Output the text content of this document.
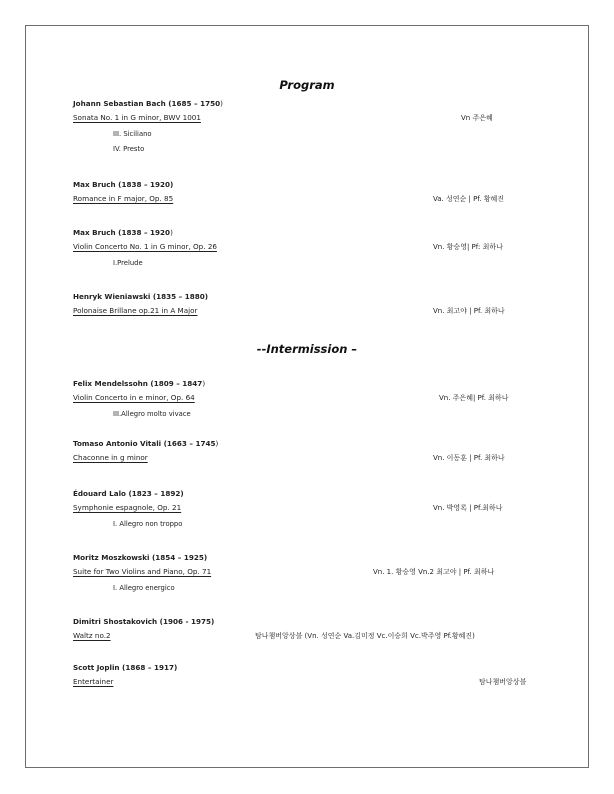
Program
--Intermission –
Johann Sebastian Bach (1685 – 1750)
Sonata No. 1 in G minor, BWV 1001	Vn 주은혜
III. Siciliano
IV. Presto
Max Bruch (1838 – 1920)
Romance in F major, Op. 85	Va. 성연순 | Pf. 황혜진
Max Bruch (1838 – 1920)
Violin Concerto No. 1 in G minor, Op. 26	Vn. 황승영| Pf: 최하나
I.Prelude
Henryk Wieniawski (1835 – 1880)
Polonaise Brillane op.21 in A Major	Vn. 최고야 | Pf. 최하나
Felix Mendelssohn (1809 – 1847)
Violin Concerto in e minor, Op. 64	Vn. 주은혜| Pf. 최하나
III.Allegro molto vivace
Tomaso Antonio Vitali (1663 – 1745)
Chaconne in g minor	Vn. 이동훈 | Pf. 최하나
Édouard Lalo (1823 – 1892)
Symphonie espagnole, Op. 21	Vn. 박영록 | Pf.최하나
I. Allegro non troppo
Moritz Moszkowski (1854 – 1925)
Suite for Two Violins and Piano, Op. 71	Vn. 1. 황승영 Vn.2 최고야 | Pf. 최하나
I. Allegro energico
Dimitri Shostakovich (1906 - 1975)
Waltz no.2	탐나챔버앙상블 (Vn. 성연순 Va.김미정 Vc.이승희 Vc.박주영 Pf.황혜진)
Scott Joplin (1868 – 1917)
Entertainer	탐나챔버앙상블
